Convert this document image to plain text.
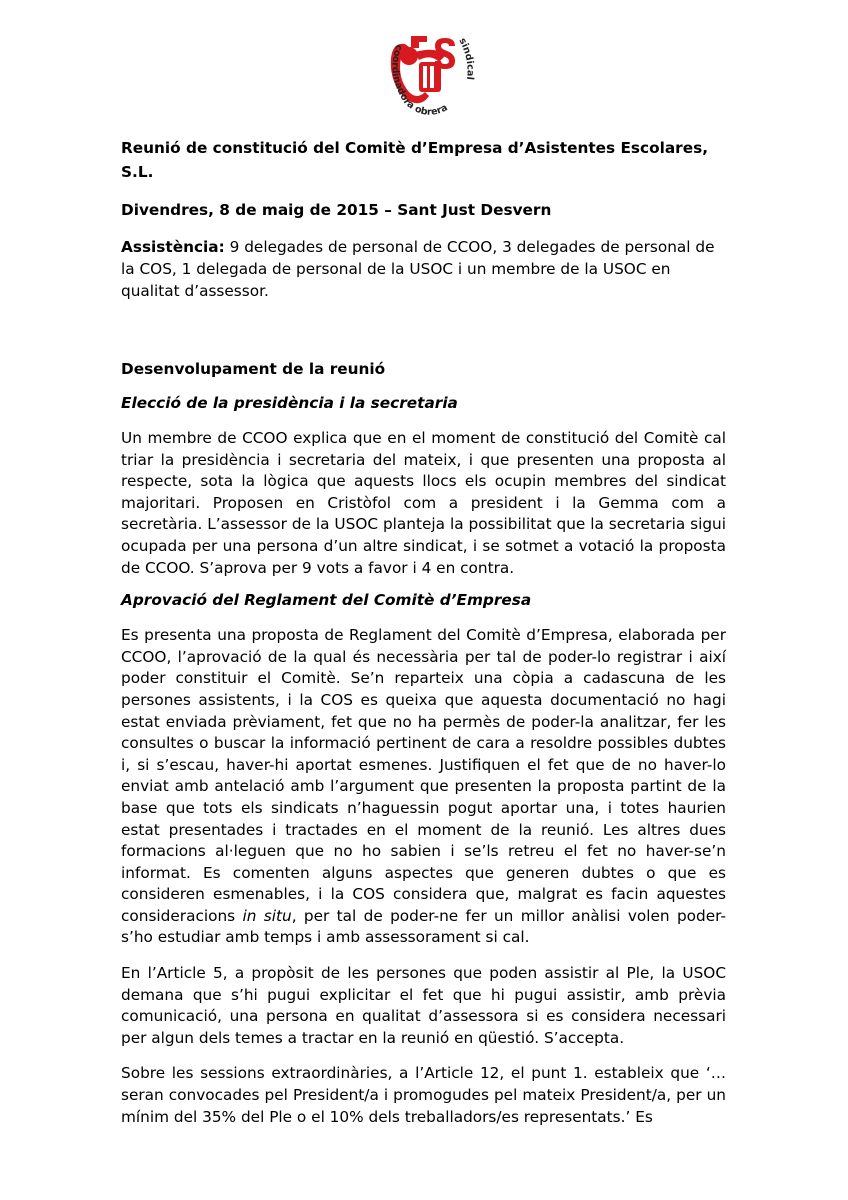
coordinadora obrera
sindical

Reunió de constitució del Comitè d’Empresa d’Asistentes Escolares, S.L.

Divendres, 8 de maig de 2015 – Sant Just Desvern

Assistència: 9 delegades de personal de CCOO, 3 delegades de personal de la COS, 1 delegada de personal de la USOC i un membre de la USOC en qualitat d’assessor.

Desenvolupament de la reunió

Elecció de la presidència i la secretaria

Un membre de CCOO explica que en el moment de constitució del Comitè cal triar la presidència i secretaria del mateix, i que presenten una proposta al respecte, sota la lògica que aquests llocs els ocupin membres del sindicat majoritari. Proposen en Cristòfol com a president i la Gemma com a secretària. L’assessor de la USOC planteja la possibilitat que la secretaria sigui ocupada per una persona d’un altre sindicat, i se sotmet a votació la proposta de CCOO. S’aprova per 9 vots a favor i 4 en contra.

Aprovació del Reglament del Comitè d’Empresa

Es presenta una proposta de Reglament del Comitè d’Empresa, elaborada per CCOO, l’aprovació de la qual és necessària per tal de poder-lo registrar i així poder constituir el Comitè. Se’n reparteix una còpia a cadascuna de les persones assistents, i la COS es queixa que aquesta documentació no hagi estat enviada prèviament, fet que no ha permès de poder-la analitzar, fer les consultes o buscar la informació pertinent de cara a resoldre possibles dubtes i, si s’escau, haver-hi aportat esmenes. Justifiquen el fet que de no haver-lo enviat amb antelació amb l’argument que presenten la proposta partint de la base que tots els sindicats n’haguessin pogut aportar una, i totes haurien estat presentades i tractades en el moment de la reunió. Les altres dues formacions al·leguen que no ho sabien i se’ls retreu el fet no haver-se’n informat. Es comenten alguns aspectes que generen dubtes o que es consideren esmenables, i la COS considera que, malgrat es facin aquestes consideracions in situ, per tal de poder-ne fer un millor anàlisi volen poder-s’ho estudiar amb temps i amb assessorament si cal.

En l’Article 5, a propòsit de les persones que poden assistir al Ple, la USOC demana que s’hi pugui explicitar el fet que hi pugui assistir, amb prèvia comunicació, una persona en qualitat d’assessora si es considera necessari per algun dels temes a tractar en la reunió en qüestió. S’accepta.

Sobre les sessions extraordinàries, a l’Article 12, el punt 1. estableix que ‘…seran convocades pel President/a i promogudes pel mateix President/a, per un mínim del 35% del Ple o el 10% dels treballadors/es representats.’ Es
